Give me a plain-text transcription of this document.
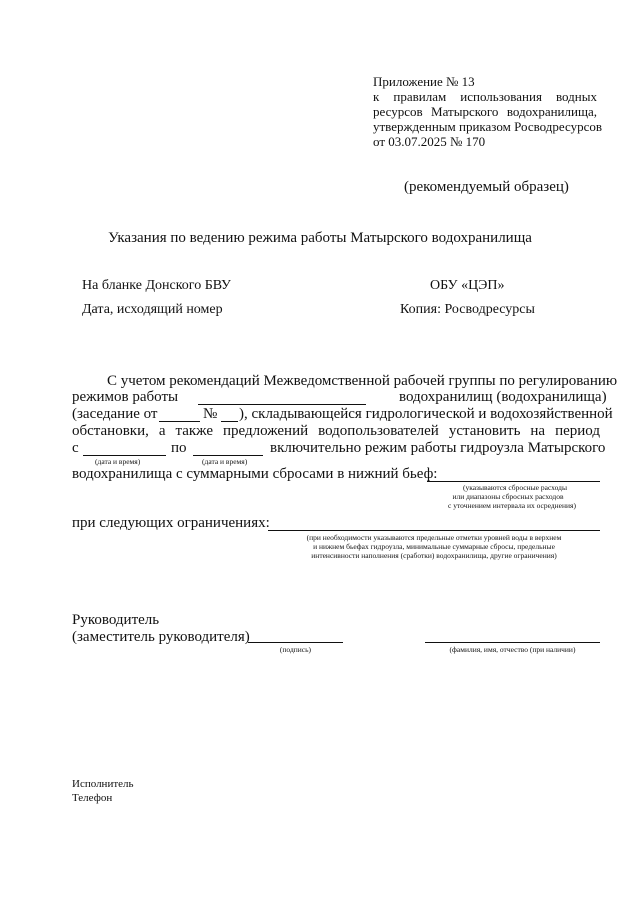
Приложение № 13
к правилам использования водных
ресурсов Матырского водохранилища,
утвержденным приказом Росводресурсов
от 03.07.2025 № 170
(рекомендуемый образец)
Указания по ведению режима работы Матырского водохранилища
На бланке Донского БВУ	ОБУ «ЦЭП»
Дата, исходящий номер	Копия: Росводресурсы
С учетом рекомендаций Межведомственной рабочей группы по регулированию
режимов работы	водохранилищ (водохранилища)
(заседание от	№ ), складывающейся гидрологической и водохозяйственной
обстановки, а также предложений водопользователей установить на период
с	по	включительно режим работы гидроузла Матырского
(дата и время)	(дата и время)
водохранилища с суммарными сбросами в нижний бьеф:
(указываются сбросные расходы
или диапазоны сбросных расходов
с уточнением интервала их осреднения)
при следующих ограничениях:
(при необходимости указываются предельные отметки уровней воды в верхнем
и нижнем бьефах гидроузла, минимальные суммарные сбросы, предельные
интенсивности наполнения (сработки) водохранилища, другие ограничения)
Руководитель
(заместитель руководителя)
(подпись)	(фамилия, имя, отчество (при наличии)
Исполнитель
Телефон
